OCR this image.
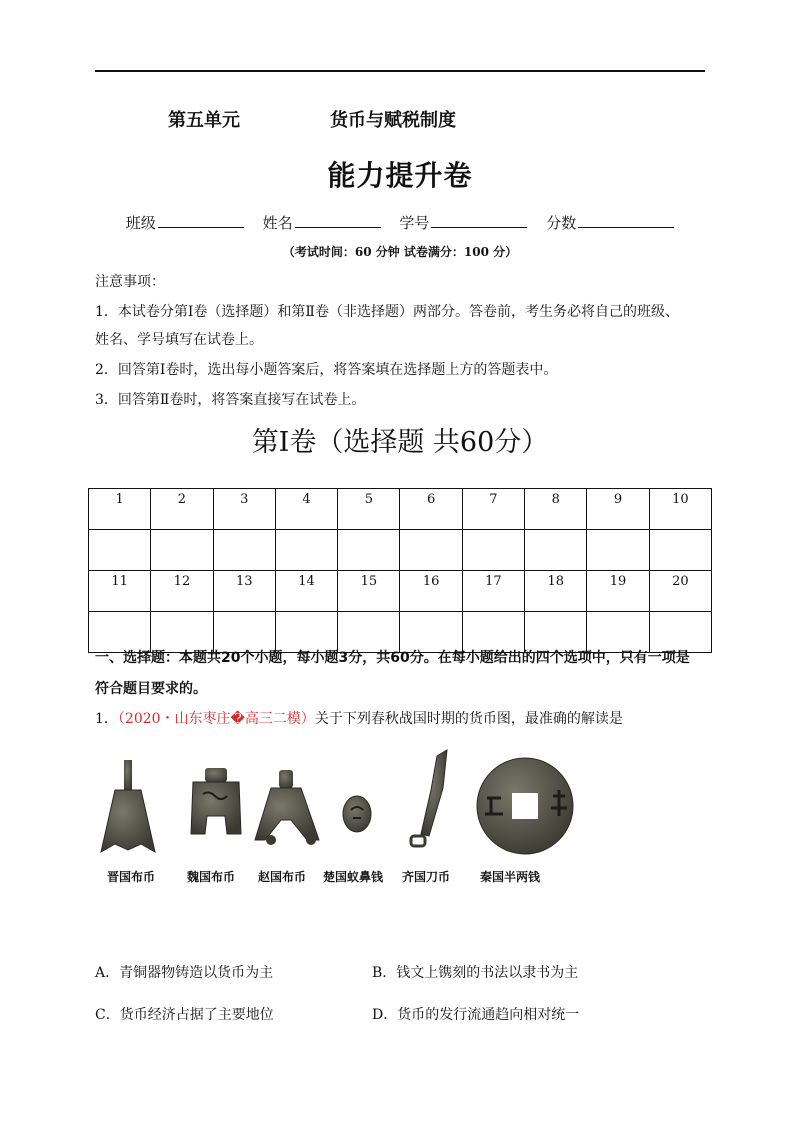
第五单元	货币与赋税制度
能力提升卷
班级	姓名	学号	分数
（考试时间：60 分钟 试卷满分：100 分）
注意事项：
1．本试卷分第Ⅰ卷（选择题）和第Ⅱ卷（非选择题）两部分。答卷前，考生务必将自己的班级、
姓名、学号填写在试卷上。
2．回答第Ⅰ卷时，选出每小题答案后，将答案填在选择题上方的答题表中。
3．回答第Ⅱ卷时，将答案直接写在试卷上。
第Ⅰ卷（选择题 共60分）
1	2	3	4	5	6	7	8	9	10

11	12	13	14	15	16	17	18	19	20

一、选择题：本题共20个小题，每小题3分，共60分。在每小题给出的四个选项中，只有一项是
符合题目要求的。
1．（2020・山东枣庄�高三二模）关于下列春秋战国时期的货币图，最准确的解读是
晋国布币	魏国布币 赵国布币 楚国蚁鼻钱 齐国刀币 秦国半两钱
A．青铜器物铸造以货币为主	B．钱文上镌刻的书法以隶书为主
C．货币经济占据了主要地位	D．货币的发行流通趋向相对统一
